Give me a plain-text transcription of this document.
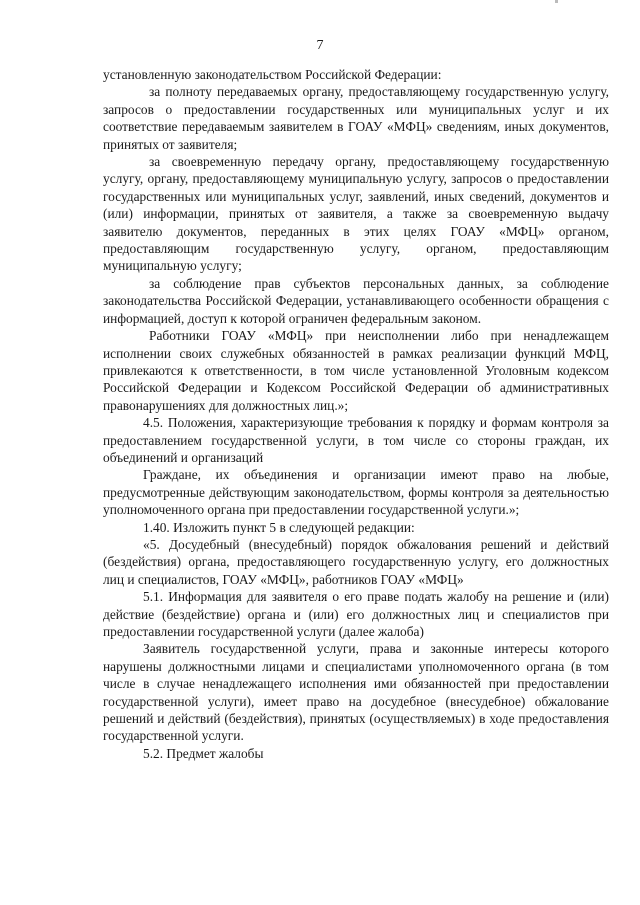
7

установленную законодательством Российской Федерации:

за полноту передаваемых органу, предоставляющему государственную услугу, запросов о предоставлении государственных или муниципальных услуг и их соответствие передаваемым заявителем в ГОАУ «МФЦ» сведениям, иных документов, принятых от заявителя;

за своевременную передачу органу, предоставляющему государственную услугу, органу, предоставляющему муниципальную услугу, запросов о предоставлении государственных или муниципальных услуг, заявлений, иных сведений, документов и (или) информации, принятых от заявителя, а также за своевременную выдачу заявителю документов, переданных в этих целях ГОАУ «МФЦ» органом, предоставляющим государственную услугу, органом, предоставляющим муниципальную услугу;

за соблюдение прав субъектов персональных данных, за соблюдение законодательства Российской Федерации, устанавливающего особенности обращения с информацией, доступ к которой ограничен федеральным законом.

Работники ГОАУ «МФЦ» при неисполнении либо при ненадлежащем исполнении своих служебных обязанностей в рамках реализации функций МФЦ, привлекаются к ответственности, в том числе установленной Уголовным кодексом Российской Федерации и Кодексом Российской Федерации об административных правонарушениях для должностных лиц.»;

4.5. Положения, характеризующие требования к порядку и формам контроля за предоставлением государственной услуги, в том числе со стороны граждан, их объединений и организаций

Граждане, их объединения и организации имеют право на любые, предусмотренные действующим законодательством, формы контроля за деятельностью уполномоченного органа при предоставлении государственной услуги.»;

1.40. Изложить пункт 5 в следующей редакции:

«5. Досудебный (внесудебный) порядок обжалования решений и действий (бездействия) органа, предоставляющего государственную услугу, его должностных лиц и специалистов, ГОАУ «МФЦ», работников ГОАУ «МФЦ»

5.1. Информация для заявителя о его праве подать жалобу на решение и (или) действие (бездействие) органа и (или) его должностных лиц и специалистов при предоставлении государственной услуги (далее жалоба)

Заявитель государственной услуги, права и законные интересы которого нарушены должностными лицами и специалистами уполномоченного органа (в том числе в случае ненадлежащего исполнения ими обязанностей при предоставлении государственной услуги), имеет право на досудебное (внесудебное) обжалование решений и действий (бездействия), принятых (осуществляемых) в ходе предоставления государственной услуги.

5.2. Предмет жалобы
